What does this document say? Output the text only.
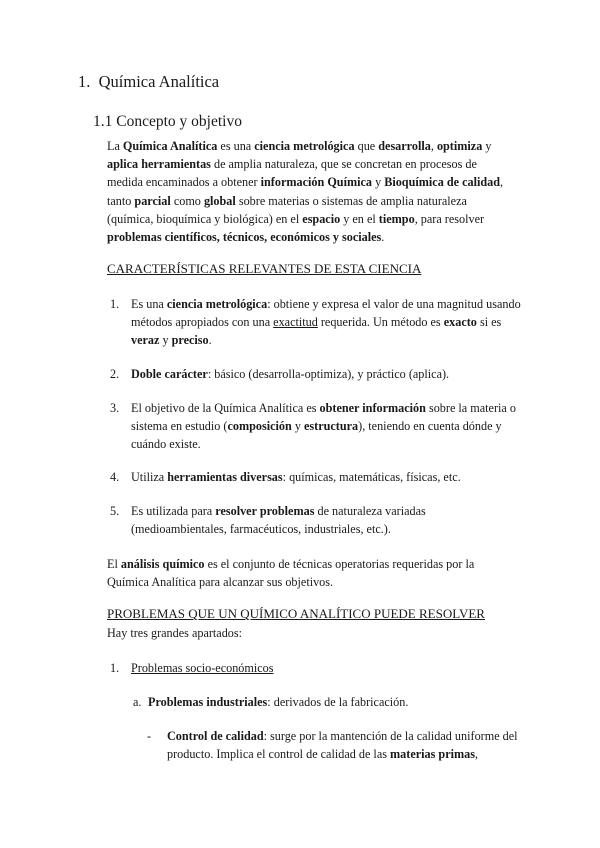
1. Química Analítica
1.1 Concepto y objetivo
La Química Analítica es una ciencia metrológica que desarrolla, optimiza y aplica herramientas de amplia naturaleza, que se concretan en procesos de medida encaminados a obtener información Química y Bioquímica de calidad, tanto parcial como global sobre materias o sistemas de amplia naturaleza (química, bioquímica y biológica) en el espacio y en el tiempo, para resolver problemas científicos, técnicos, económicos y sociales.
CARACTERÍSTICAS RELEVANTES DE ESTA CIENCIA
1. Es una ciencia metrológica: obtiene y expresa el valor de una magnitud usando métodos apropiados con una exactitud requerida. Un método es exacto si es veraz y preciso.
2. Doble carácter: básico (desarrolla-optimiza), y práctico (aplica).
3. El objetivo de la Química Analítica es obtener información sobre la materia o sistema en estudio (composición y estructura), teniendo en cuenta dónde y cuándo existe.
4. Utiliza herramientas diversas: químicas, matemáticas, físicas, etc.
5. Es utilizada para resolver problemas de naturaleza variadas (medioambientales, farmacéuticos, industriales, etc.).
El análisis químico es el conjunto de técnicas operatorias requeridas por la Química Analítica para alcanzar sus objetivos.
PROBLEMAS QUE UN QUÍMICO ANALÍTICO PUEDE RESOLVER
Hay tres grandes apartados:
1. Problemas socio-económicos
a. Problemas industriales: derivados de la fabricación.
- Control de calidad: surge por la mantención de la calidad uniforme del producto. Implica el control de calidad de las materias primas,
